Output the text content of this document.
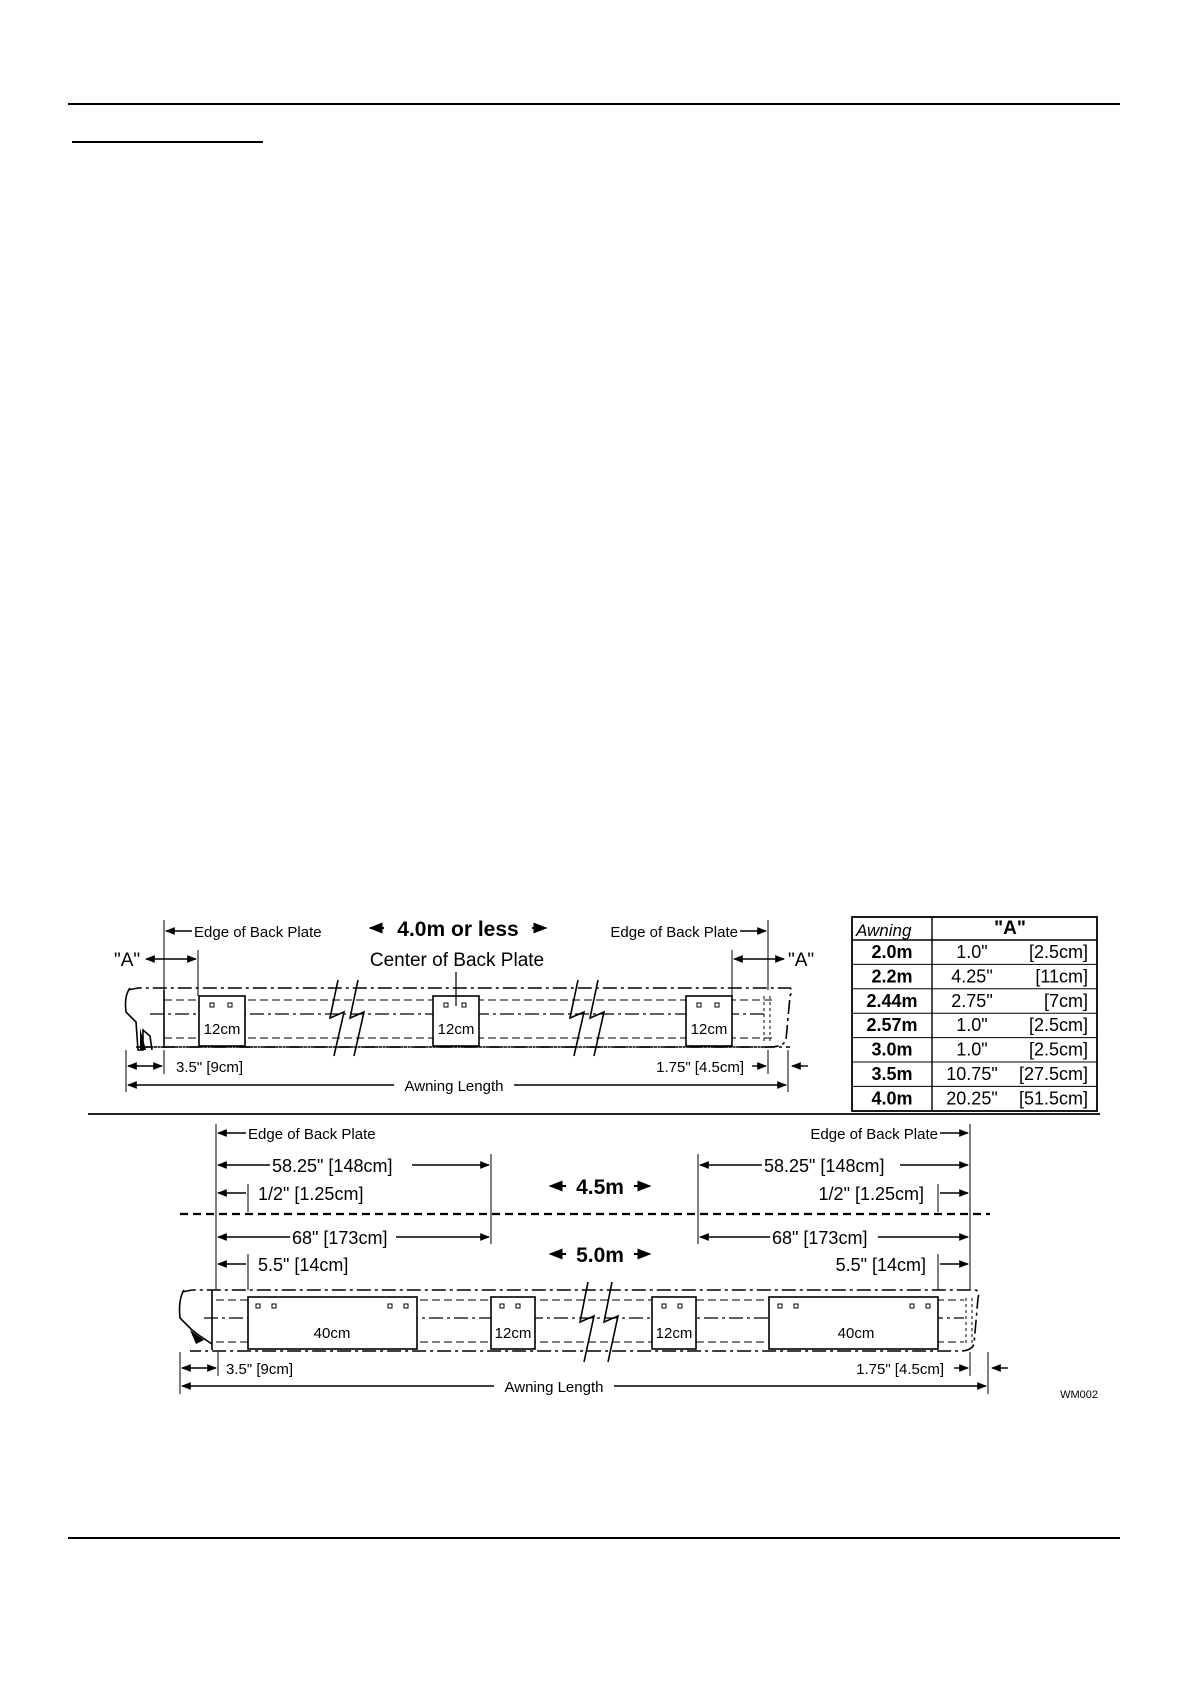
12cm	12cm	12cm
Edge of Back Plate	Edge of Back Plate
4.0m or less
Center of Back Plate
"A"	"A"
3.5" [9cm]	1.75" [4.5cm]
Awning Length
Awning	"A"
2.0m 1.0" [2.5cm]
2.2m 4.25" [11cm]
2.44m 2.75"	[7cm]
2.57m 1.0" [2.5cm]
3.0m 1.0" [2.5cm]
3.5m 10.75" [27.5cm]
4.0m 20.25" [51.5cm]
Edge of Back Plate	Edge of Back Plate
58.25" [148cm]	58.25" [148cm]
1/2" [1.25cm]	1/2" [1.25cm]
4.5m
68" [173cm]	68" [173cm]
5.5" [14cm]	5.5" [14cm]
5.0m
40cm	12cm	12cm	40cm
3.5" [9cm]	1.75" [4.5cm]
Awning Length	WM002
